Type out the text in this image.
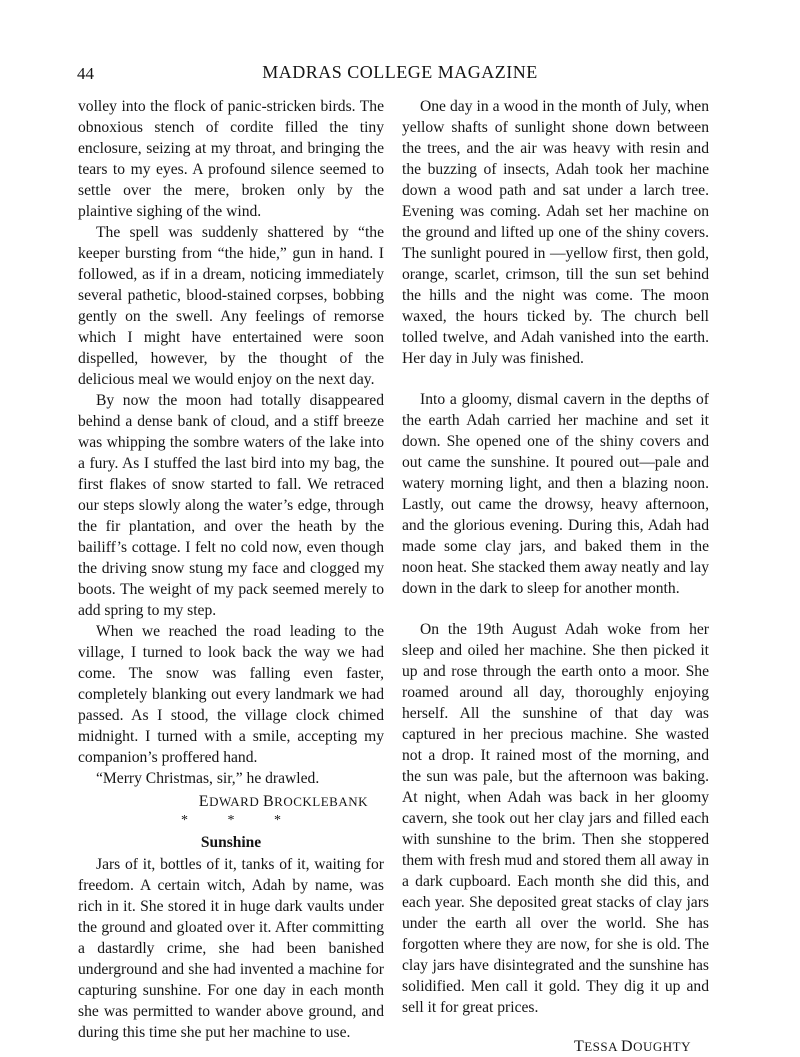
44	MADRAS COLLEGE MAGAZINE

volley into the flock of panic-stricken birds. The obnoxious stench of cordite filled the tiny enclosure, seizing at my throat, and bringing the tears to my eyes. A profound silence seemed to settle over the mere, broken only by the plaintive sighing of the wind.

The spell was suddenly shattered by “the keeper bursting from “the hide,” gun in hand. I followed, as if in a dream, noticing immediately several pathetic, blood-stained corpses, bobbing gently on the swell. Any feelings of remorse which I might have entertained were soon dispelled, however, by the thought of the delicious meal we would enjoy on the next day.

By now the moon had totally disappeared behind a dense bank of cloud, and a stiff breeze was whipping the sombre waters of the lake into a fury. As I stuffed the last bird into my bag, the first flakes of snow started to fall. We retraced our steps slowly along the water’s edge, through the fir plantation, and over the heath by the bailiff’s cottage. I felt no cold now, even though the driving snow stung my face and clogged my boots. The weight of my pack seemed merely to add spring to my step.

When we reached the road leading to the village, I turned to look back the way we had come. The snow was falling even faster, completely blanking out every landmark we had passed. As I stood, the village clock chimed midnight. I turned with a smile, accepting my companion’s proffered hand.

“Merry Christmas, sir,” he drawled.

EDWARD BROCKLEBANK
* * *
Sunshine

Jars of it, bottles of it, tanks of it, waiting for freedom. A certain witch, Adah by name, was rich in it. She stored it in huge dark vaults under the ground and gloated over it. After committing a dastardly crime, she had been banished underground and she had invented a machine for capturing sunshine. For one day in each month she was permitted to wander above ground, and during this time she put her machine to use.

One day in a wood in the month of July, when yellow shafts of sunlight shone down between the trees, and the air was heavy with resin and the buzzing of insects, Adah took her machine down a wood path and sat under a larch tree. Evening was coming. Adah set her machine on the ground and lifted up one of the shiny covers. The sunlight poured in —yellow first, then gold, orange, scarlet, crimson, till the sun set behind the hills and the night was come. The moon waxed, the hours ticked by. The church bell tolled twelve, and Adah vanished into the earth. Her day in July was finished.

Into a gloomy, dismal cavern in the depths of the earth Adah carried her machine and set it down. She opened one of the shiny covers and out came the sunshine. It poured out—pale and watery morning light, and then a blazing noon. Lastly, out came the drowsy, heavy afternoon, and the glorious evening. During this, Adah had made some clay jars, and baked them in the noon heat. She stacked them away neatly and lay down in the dark to sleep for another month.

On the 19th August Adah woke from her sleep and oiled her machine. She then picked it up and rose through the earth onto a moor. She roamed around all day, thoroughly enjoying herself. All the sunshine of that day was captured in her precious machine. She wasted not a drop. It rained most of the morning, and the sun was pale, but the afternoon was baking. At night, when Adah was back in her gloomy cavern, she took out her clay jars and filled each with sunshine to the brim. Then she stoppered them with fresh mud and stored them all away in a dark cupboard. Each month she did this, and each year. She deposited great stacks of clay jars under the earth all over the world. She has forgotten where they are now, for she is old. The clay jars have disintegrated and the sunshine has solidified. Men call it gold. They dig it up and sell it for great prices.

TESSA DOUGHTY
